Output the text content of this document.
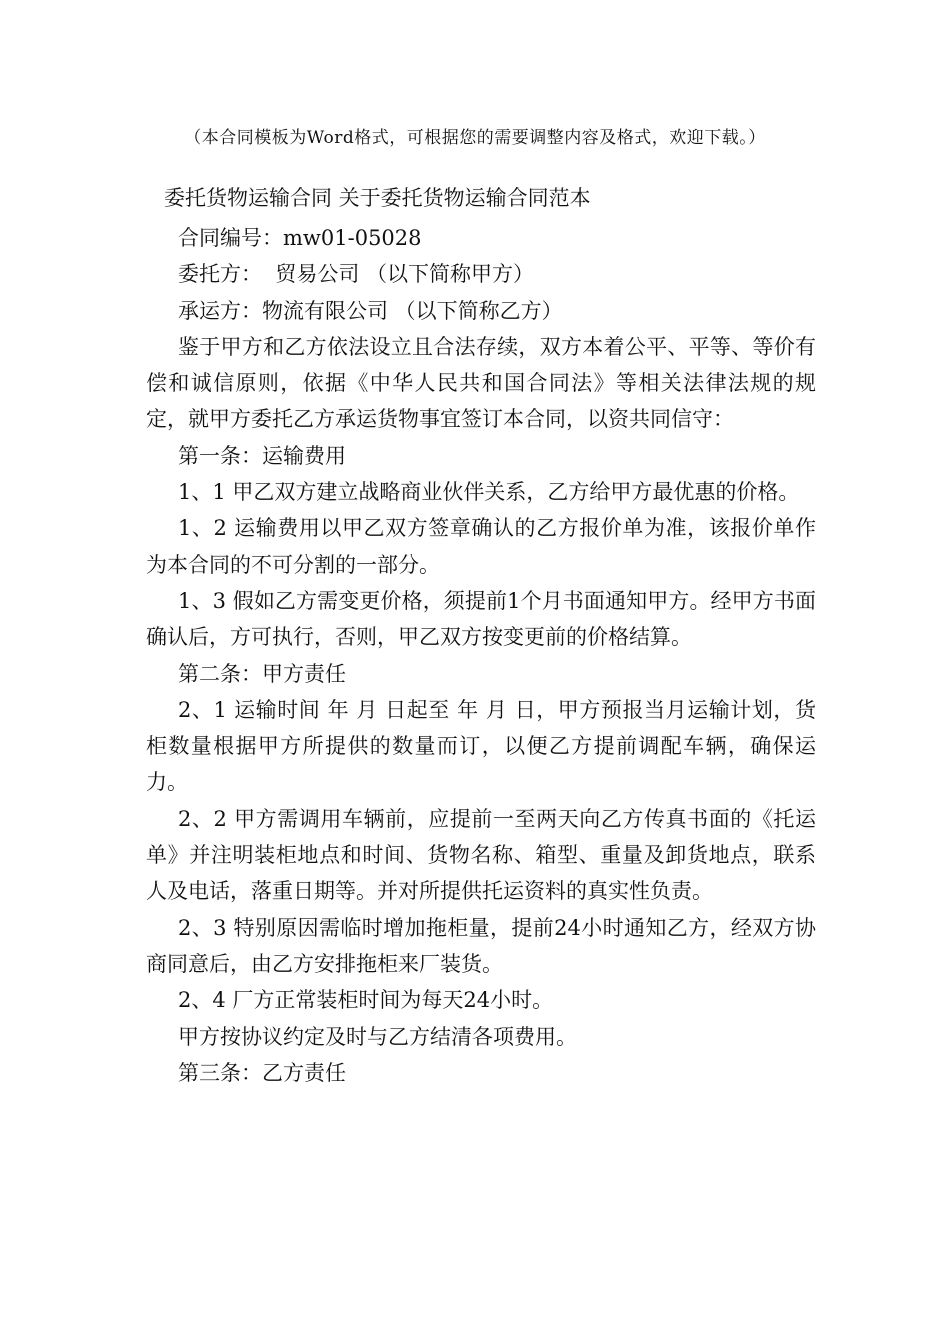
（本合同模板为Word格式，可根据您的需要调整内容及格式，欢迎下载。）
委托货物运输合同 关于委托货物运输合同范本

合同编号：mw01-05028

委托方：  贸易公司 （以下简称甲方）

承运方：物流有限公司 （以下简称乙方）

鉴于甲方和乙方依法设立且合法存续，双方本着公平、平等、等价有偿和诚信原则，依据《中华人民共和国合同法》等相关法律法规的规定，就甲方委托乙方承运货物事宜签订本合同，以资共同信守：

第一条：运输费用

1、1 甲乙双方建立战略商业伙伴关系，乙方给甲方最优惠的价格。

1、2 运输费用以甲乙双方签章确认的乙方报价单为准，该报价单作为本合同的不可分割的一部分。

1、3 假如乙方需变更价格，须提前1个月书面通知甲方。经甲方书面确认后，方可执行，否则，甲乙双方按变更前的价格结算。

第二条：甲方责任

2、1 运输时间 年 月 日起至 年 月 日，甲方预报当月运输计划，货柜数量根据甲方所提供的数量而订，以便乙方提前调配车辆，确保运力。

2、2 甲方需调用车辆前，应提前一至两天向乙方传真书面的《托运单》并注明装柜地点和时间、货物名称、箱型、重量及卸货地点，联系人及电话，落重日期等。并对所提供托运资料的真实性负责。

2、3 特别原因需临时增加拖柜量，提前24小时通知乙方，经双方协商同意后，由乙方安排拖柜来厂装货。

2、4 厂方正常装柜时间为每天24小时。

甲方按协议约定及时与乙方结清各项费用。

第三条：乙方责任
